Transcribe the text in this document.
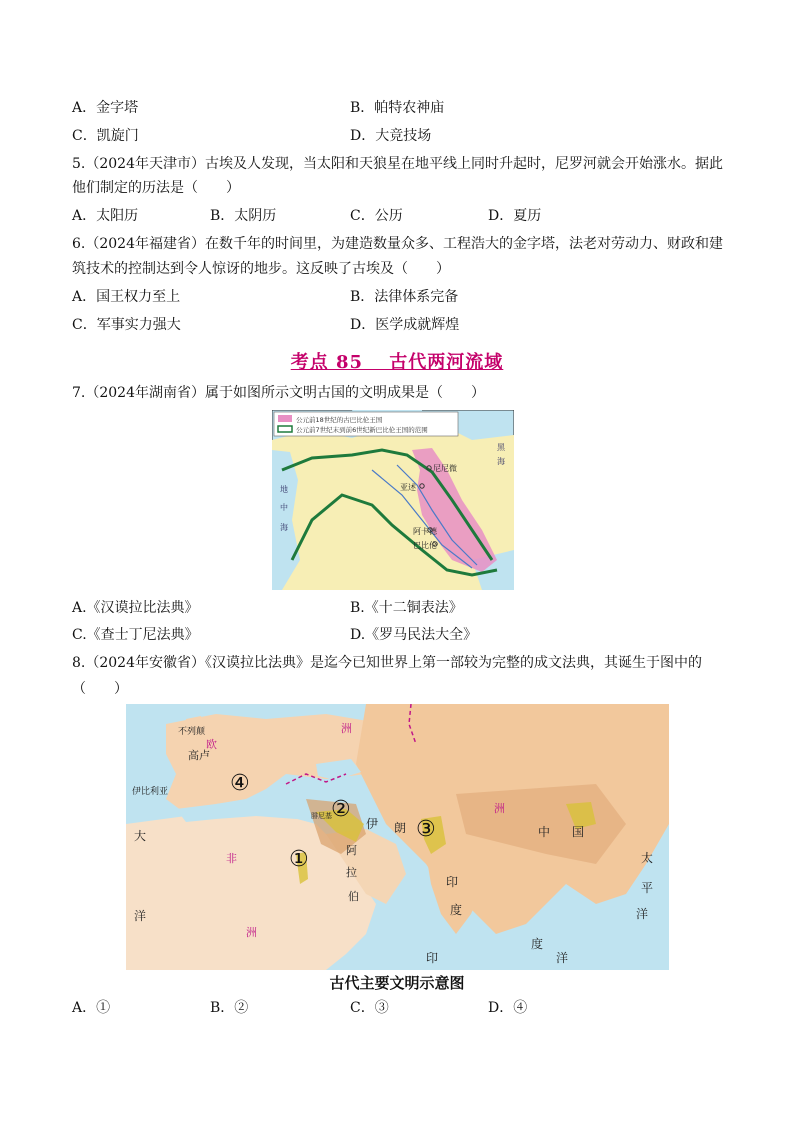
A．金字塔	B．帕特农神庙
C．凯旋门	D．大竞技场
5.（2024年天津市）古埃及人发现，当太阳和天狼星在地平线上同时升起时，尼罗河就会开始涨水。据此
他们制定的历法是（　　）
A．太阳历	B．太阴历	C．公历	D．夏历
6.（2024年福建省）在数千年的时间里，为建造数量众多、工程浩大的金字塔，法老对劳动力、财政和建
筑技术的控制达到令人惊讶的地步。这反映了古埃及（　　）
A．国王权力至上	B．法律体系完备
C．军事实力强大	D．医学成就辉煌
考点 85　 古代两河流域
7.（2024年湖南省）属于如图所示文明古国的文明成果是（　　）
公元前18世纪的古巴比伦王国
公元前7世纪末到前6世纪新巴比伦王国的范围
尼尼微
亚述
阿卡德
巴比伦
地
中
海
黑
海
A.《汉谟拉比法典》	B.《十二铜表法》
C.《查士丁尼法典》	D.《罗马民法大全》
8.（2024年安徽省）《汉谟拉比法典》是迄今已知世界上第一部较为完整的成文法典，其诞生于图中的
（　　）
不列颠
高卢
伊比利亚
欧
洲
洲
非
洲
腓尼基
阿
拉
伯
伊 朗
印
度
中 国
太
平
洋
大
洋
印	洋
度
④
②
③
①
古代主要文明示意图
A．①	B．②	C．③	D．④
